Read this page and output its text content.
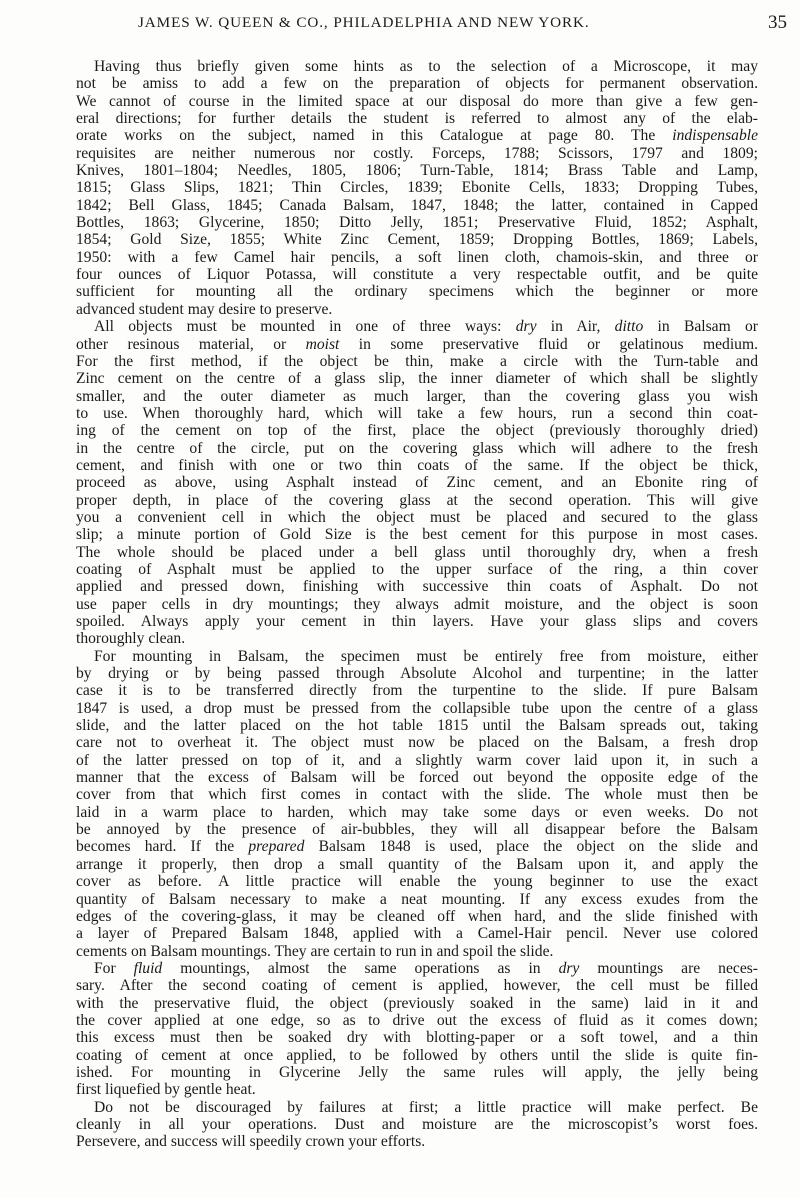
JAMES W. QUEEN & CO., PHILADELPHIA AND NEW YORK.	35
Having thus briefly given some hints as to the selection of a Microscope, it may
not be amiss to add a few on the preparation of objects for permanent observation.
We cannot of course in the limited space at our disposal do more than give a few gen-
eral directions; for further details the student is referred to almost any of the elab-
orate works on the subject, named in this Catalogue at page 80. The indispensable
requisites are neither numerous nor costly. Forceps, 1788; Scissors, 1797 and 1809;
Knives, 1801–1804; Needles, 1805, 1806; Turn-Table, 1814; Brass Table and Lamp,
1815; Glass Slips, 1821; Thin Circles, 1839; Ebonite Cells, 1833; Dropping Tubes,
1842; Bell Glass, 1845; Canada Balsam, 1847, 1848; the latter, contained in Capped
Bottles, 1863; Glycerine, 1850; Ditto Jelly, 1851; Preservative Fluid, 1852; Asphalt,
1854; Gold Size, 1855; White Zinc Cement, 1859; Dropping Bottles, 1869; Labels,
1950: with a few Camel hair pencils, a soft linen cloth, chamois-skin, and three or
four ounces of Liquor Potassa, will constitute a very respectable outfit, and be quite
sufficient for mounting all the ordinary specimens which the beginner or more
advanced student may desire to preserve.
All objects must be mounted in one of three ways: dry in Air, ditto in Balsam or
other resinous material, or moist in some preservative fluid or gelatinous medium.
For the first method, if the object be thin, make a circle with the Turn-table and
Zinc cement on the centre of a glass slip, the inner diameter of which shall be slightly
smaller, and the outer diameter as much larger, than the covering glass you wish
to use. When thoroughly hard, which will take a few hours, run a second thin coat-
ing of the cement on top of the first, place the object (previously thoroughly dried)
in the centre of the circle, put on the covering glass which will adhere to the fresh
cement, and finish with one or two thin coats of the same. If the object be thick,
proceed as above, using Asphalt instead of Zinc cement, and an Ebonite ring of
proper depth, in place of the covering glass at the second operation. This will give
you a convenient cell in which the object must be placed and secured to the glass
slip; a minute portion of Gold Size is the best cement for this purpose in most cases.
The whole should be placed under a bell glass until thoroughly dry, when a fresh
coating of Asphalt must be applied to the upper surface of the ring, a thin cover
applied and pressed down, finishing with successive thin coats of Asphalt. Do not
use paper cells in dry mountings; they always admit moisture, and the object is soon
spoiled. Always apply your cement in thin layers. Have your glass slips and covers
thoroughly clean.
For mounting in Balsam, the specimen must be entirely free from moisture, either
by drying or by being passed through Absolute Alcohol and turpentine; in the latter
case it is to be transferred directly from the turpentine to the slide. If pure Balsam
1847 is used, a drop must be pressed from the collapsible tube upon the centre of a glass
slide, and the latter placed on the hot table 1815 until the Balsam spreads out, taking
care not to overheat it. The object must now be placed on the Balsam, a fresh drop
of the latter pressed on top of it, and a slightly warm cover laid upon it, in such a
manner that the excess of Balsam will be forced out beyond the opposite edge of the
cover from that which first comes in contact with the slide. The whole must then be
laid in a warm place to harden, which may take some days or even weeks. Do not
be annoyed by the presence of air-bubbles, they will all disappear before the Balsam
becomes hard. If the prepared Balsam 1848 is used, place the object on the slide and
arrange it properly, then drop a small quantity of the Balsam upon it, and apply the
cover as before. A little practice will enable the young beginner to use the exact
quantity of Balsam necessary to make a neat mounting. If any excess exudes from the
edges of the covering-glass, it may be cleaned off when hard, and the slide finished with
a layer of Prepared Balsam 1848, applied with a Camel-Hair pencil. Never use colored
cements on Balsam mountings. They are certain to run in and spoil the slide.
For fluid mountings, almost the same operations as in dry mountings are neces-
sary. After the second coating of cement is applied, however, the cell must be filled
with the preservative fluid, the object (previously soaked in the same) laid in it and
the cover applied at one edge, so as to drive out the excess of fluid as it comes down;
this excess must then be soaked dry with blotting-paper or a soft towel, and a thin
coating of cement at once applied, to be followed by others until the slide is quite fin-
ished. For mounting in Glycerine Jelly the same rules will apply, the jelly being
first liquefied by gentle heat.
Do not be discouraged by failures at first; a little practice will make perfect. Be
cleanly in all your operations. Dust and moisture are the microscopist’s worst foes.
Persevere, and success will speedily crown your efforts.
